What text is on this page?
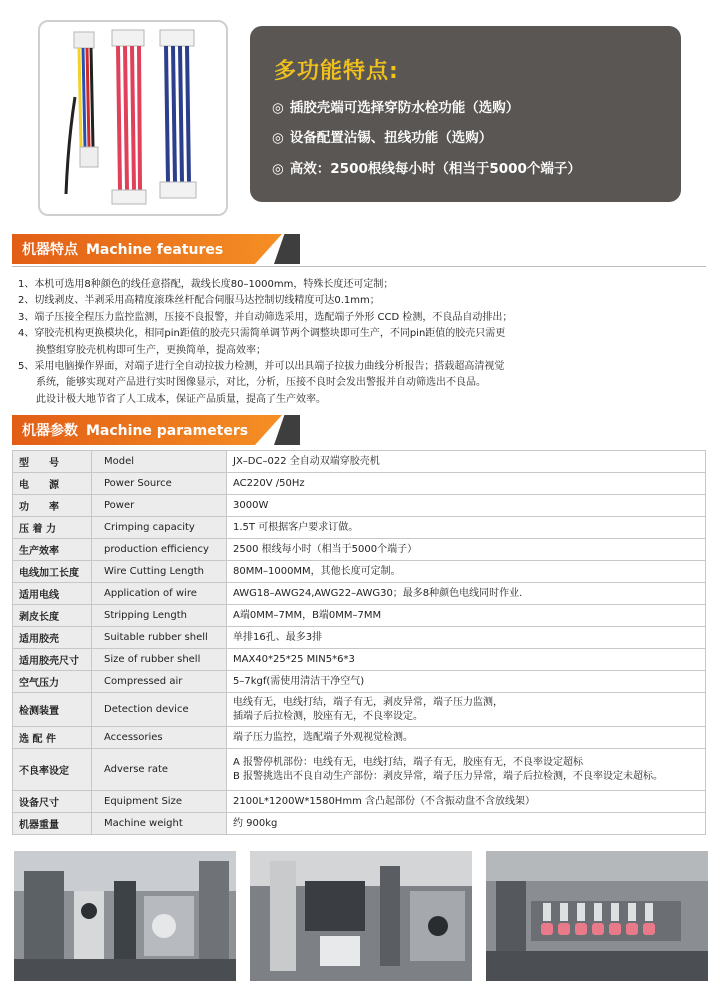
多功能特点:
◎ 插胶壳端可选择穿防水栓功能（选购）
◎ 设备配置沾锡、扭线功能（选购）
◎ 高效：2500根线每小时（相当于5000个端子）
机器特点 Machine features
1、本机可选用8种颜色的线任意搭配，裁线长度80–1000mm，特殊长度还可定制；
2、切线剥皮、半剥采用高精度滚珠丝杆配合伺服马达控制切线精度可达0.1mm；
3、端子压接全程压力监控监测，压接不良报警，并自动筛选采用，选配端子外形 CCD 检测，不良品自动排出；
4、穿胶壳机构更换模块化，相同pin距值的胶壳只需简单调节两个调整块即可生产，不同pin距值的胶壳只需更
换整组穿胶壳机构即可生产，更换简单，提高效率；
5、采用电脑操作界面，对端子进行全自动拉拔力检测，并可以出具端子拉拔力曲线分析报告；搭载超高清视觉
系统，能够实现对产品进行实时图像显示，对比，分析，压接不良时会发出警报并自动筛选出不良品。
此设计极大地节省了人工成本，保证产品质量，提高了生产效率。
机器参数 Machine parameters
型　　号	Model	JX–DC–022 全自动双端穿胶壳机
电　　源	Power Source	AC220V /50Hz
功　　率	Power	3000W
压 着 力	Crimping capacity	1.5T 可根据客户要求订做。
生产效率	production efficiency	2500 根线每小时（相当于5000个端子）
电线加工长度	Wire Cutting Length	80MM–1000MM，其他长度可定制。
适用电线	Application of wire	AWG18–AWG24,AWG22–AWG30；最多8种颜色电线同时作业.
剥皮长度	Stripping Length	A端0MM–7MM，B端0MM–7MM
适用胶壳	Suitable rubber shell	单排16孔、最多3排
适用胶壳尺寸	Size of rubber shell	MAX40*25*25 MIN5*6*3
空气压力	Compressed air	5–7kgf(需使用清洁干净空气)
检测装置	Detection device	电线有无，电线打结，端子有无，剥皮异常，端子压力监测，
插端子后拉检测，胶座有无，不良率设定。

选 配 件	Accessories	端子压力监控，选配端子外观视觉检测。
不良率设定	Adverse rate	A 报警停机部份：电线有无，电线打结，端子有无，胶座有无，不良率设定超标
B 报警挑选出不良自动生产部份：剥皮异常，端子压力异常，端子后拉检测，不良率设定未超标。

设备尺寸	Equipment Size	2100L*1200W*1580Hmm 含凸起部份（不含振动盘不含放线架）
机器重量	Machine weight	约 900kg
